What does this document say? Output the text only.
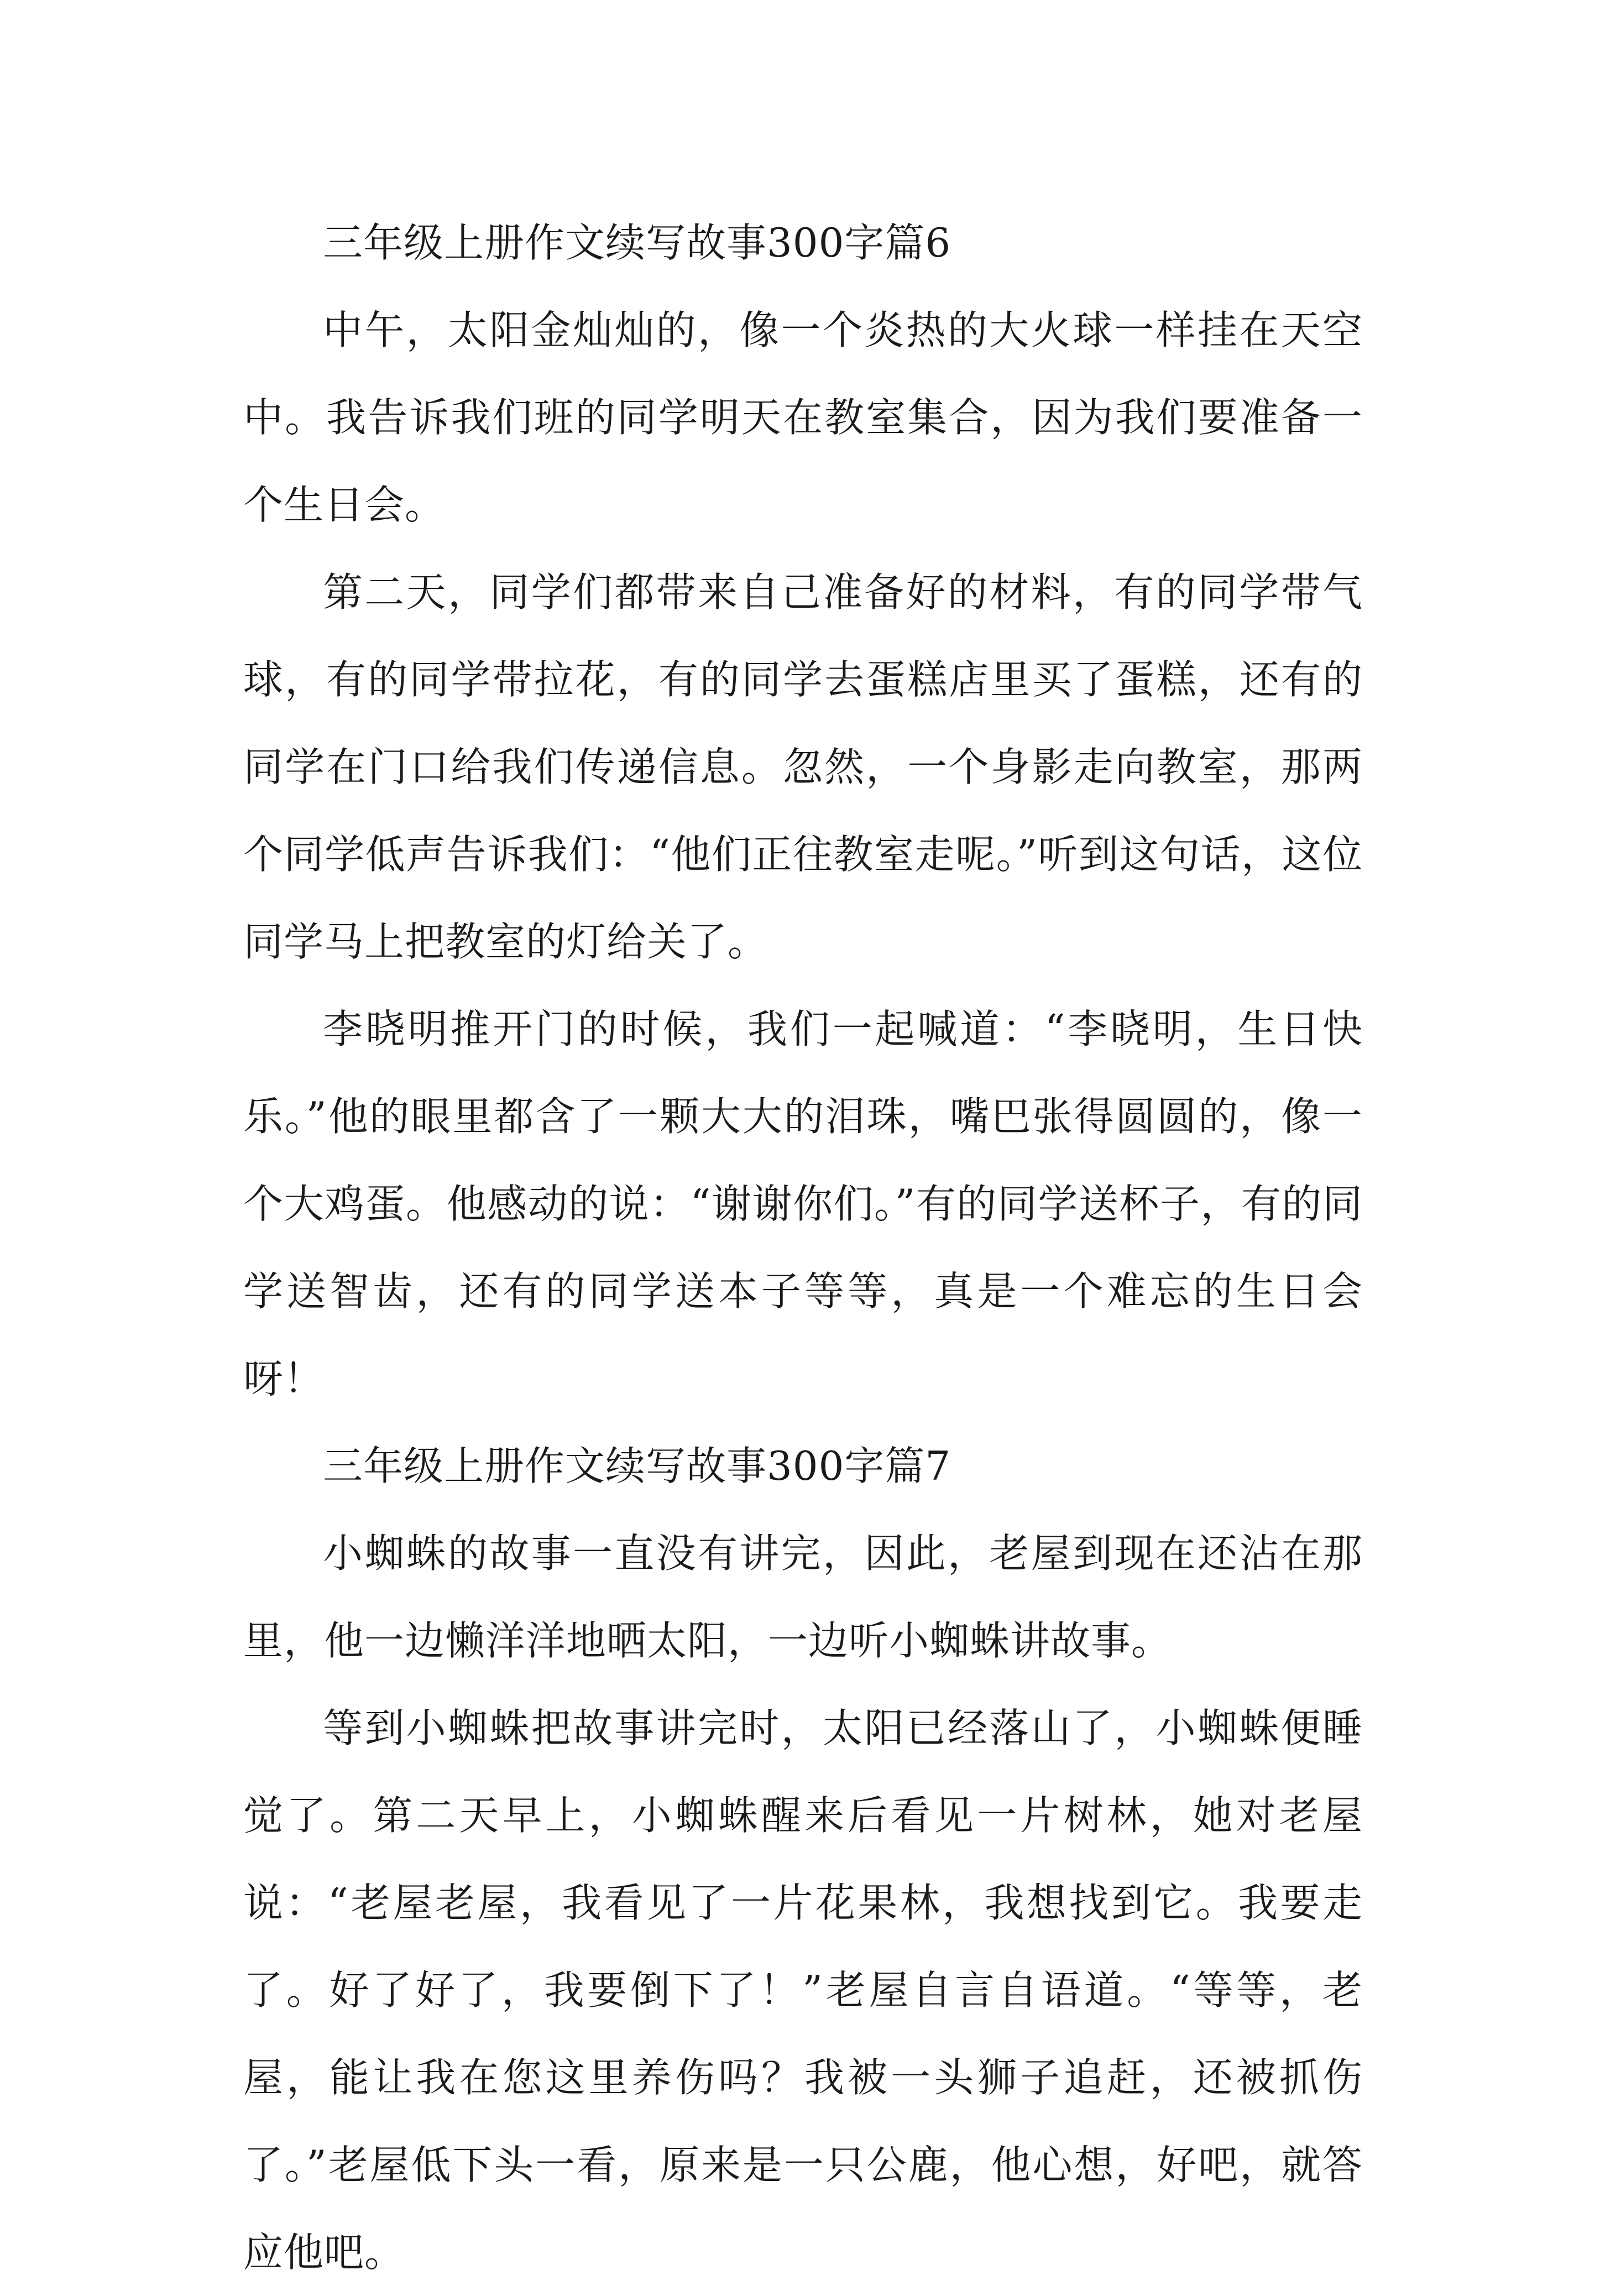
三年级上册作文续写故事300字篇6

中午，太阳金灿灿的，像一个炎热的大火球一样挂在天空中。我告诉我们班的同学明天在教室集合，因为我们要准备一个生日会。

第二天，同学们都带来自己准备好的材料，有的同学带气球，有的同学带拉花，有的同学去蛋糕店里买了蛋糕，还有的同学在门口给我们传递信息。忽然，一个身影走向教室，那两个同学低声告诉我们：“他们正往教室走呢。”听到这句话，这位同学马上把教室的灯给关了。

李晓明推开门的时候，我们一起喊道：“李晓明，生日快乐。”他的眼里都含了一颗大大的泪珠，嘴巴张得圆圆的，像一个大鸡蛋。他感动的说：“谢谢你们。”有的同学送杯子，有的同学送智齿，还有的同学送本子等等，真是一个难忘的生日会呀！

三年级上册作文续写故事300字篇7

小蜘蛛的故事一直没有讲完，因此，老屋到现在还沾在那里，他一边懒洋洋地晒太阳，一边听小蜘蛛讲故事。

等到小蜘蛛把故事讲完时，太阳已经落山了，小蜘蛛便睡觉了。第二天早上，小蜘蛛醒来后看见一片树林，她对老屋说：“老屋老屋，我看见了一片花果林，我想找到它。我要走了。好了好了，我要倒下了！”老屋自言自语道。“等等，老屋，能让我在您这里养伤吗？我被一头狮子追赶，还被抓伤了。”老屋低下头一看，原来是一只公鹿，他心想，好吧，就答应他吧。
